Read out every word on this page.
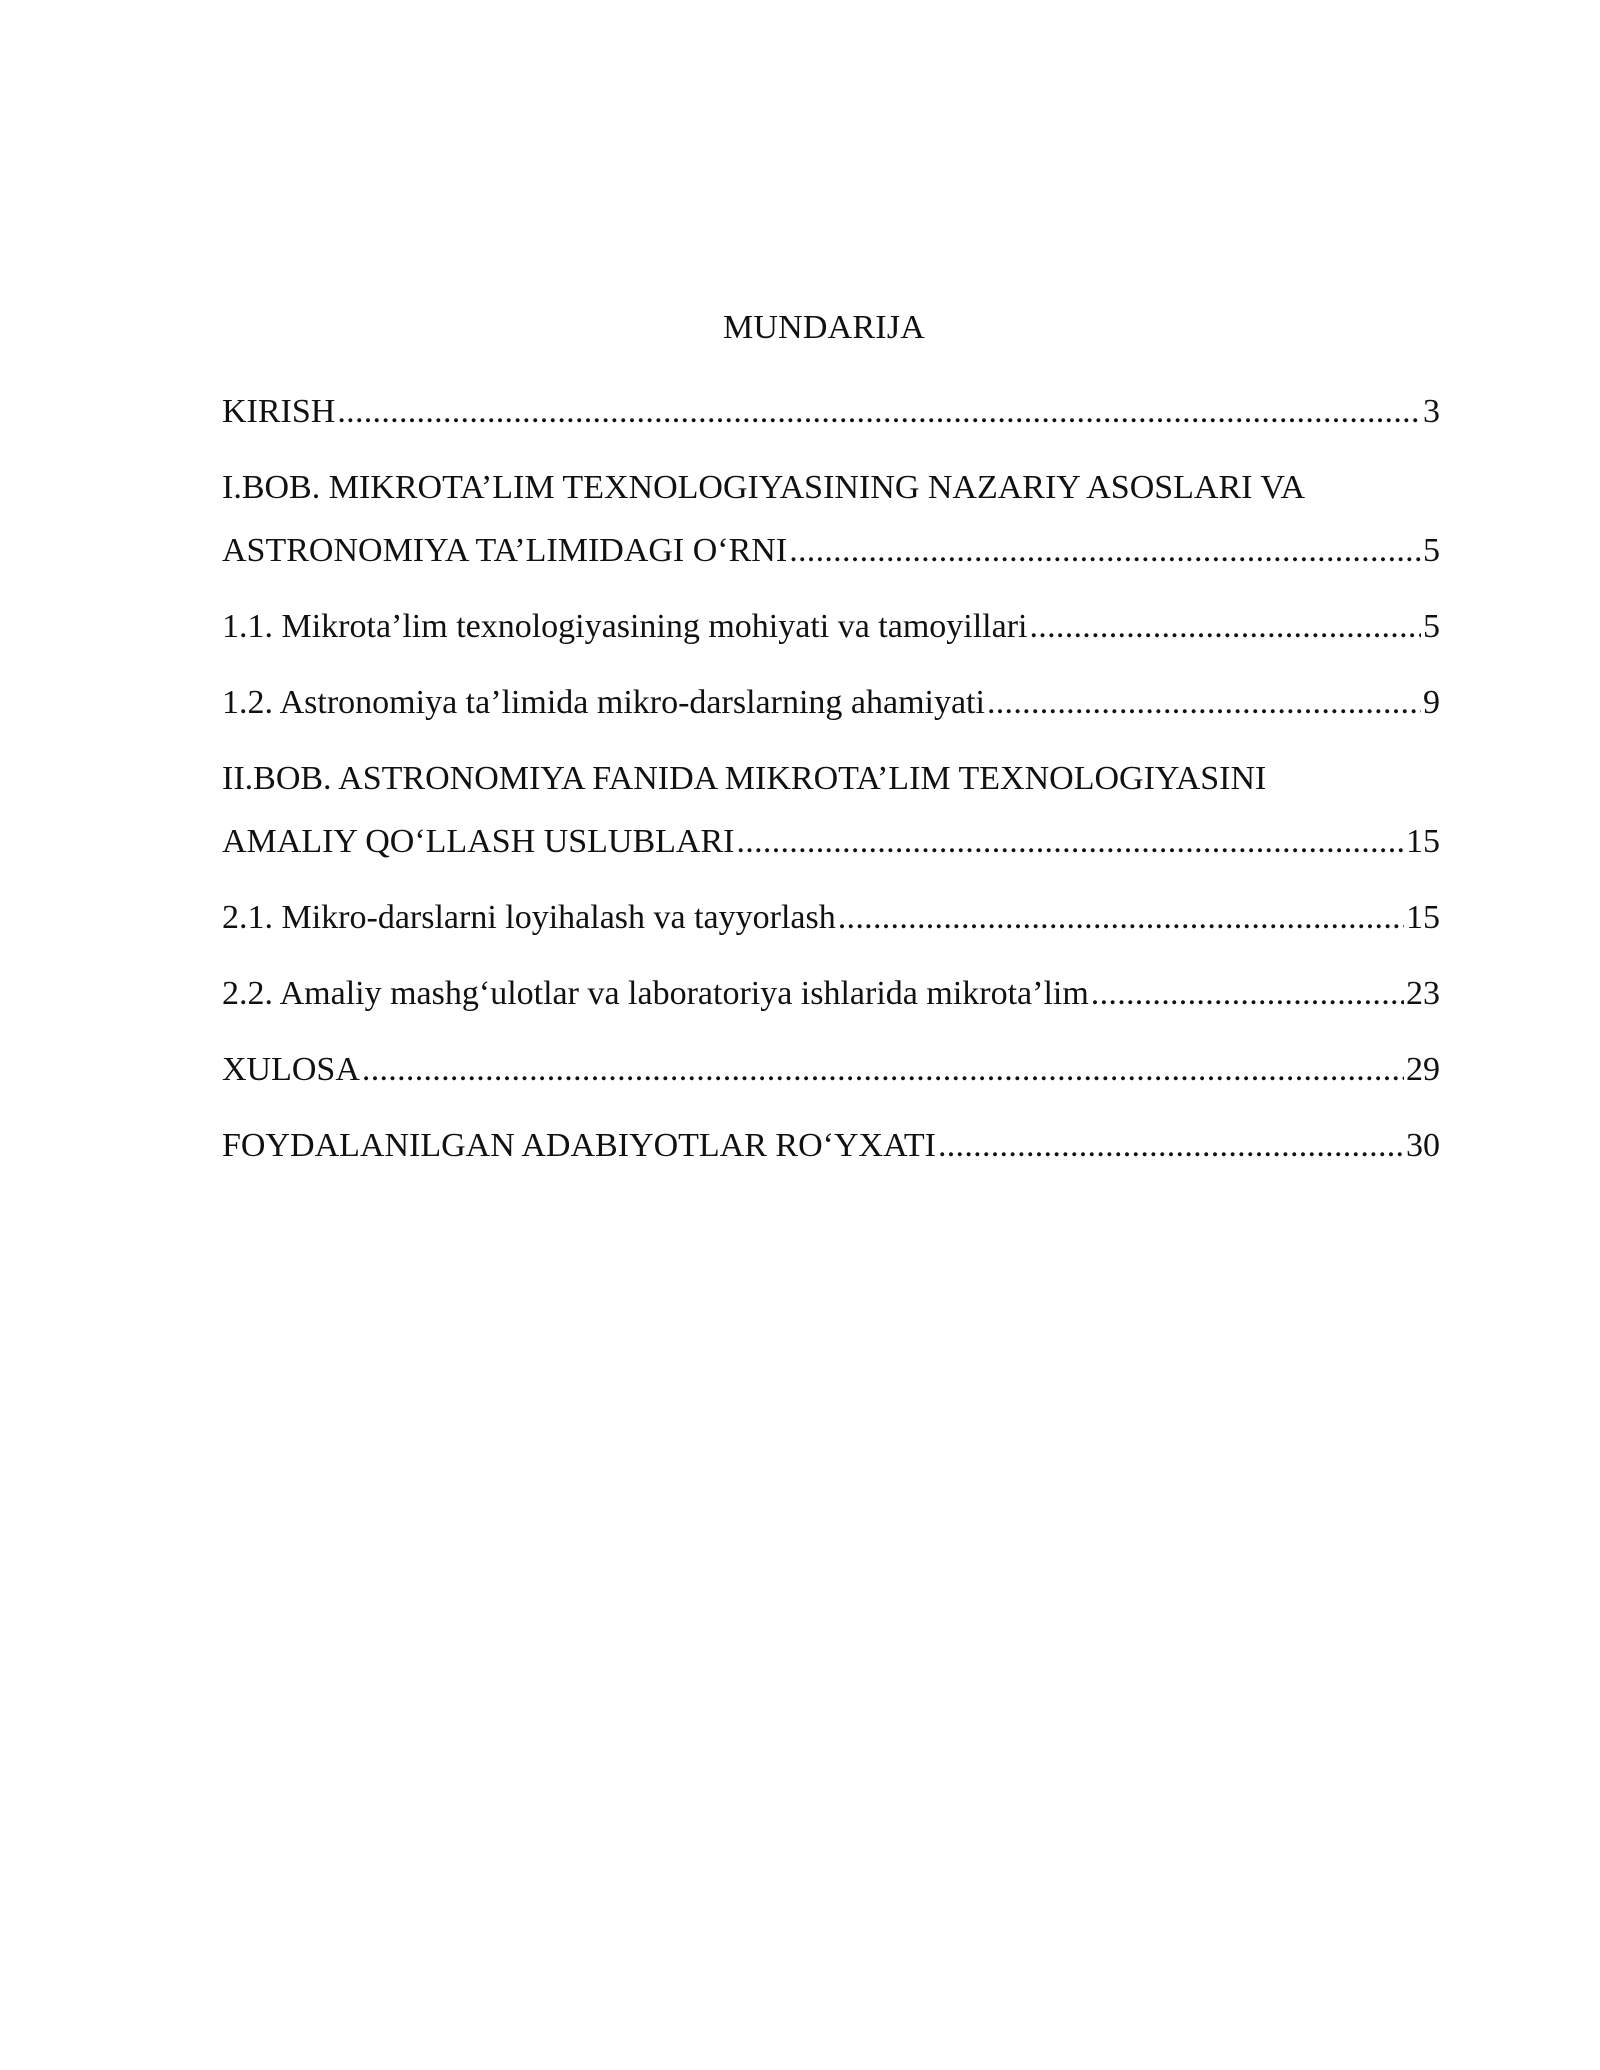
MUNDARIJA
KIRISH .....	3
I.BOB. MIKROTA’LIM TEXNOLOGIYASINING NAZARIY ASOSLARI VA
ASTRONOMIYA TA’LIMIDAGI O‘RNI .....	5
1.1. Mikrota’lim texnologiyasining mohiyati va tamoyillari .....	5
1.2. Astronomiya ta’limida mikro-darslarning ahamiyati .....	9
II.BOB. ASTRONOMIYA FANIDA MIKROTA’LIM TEXNOLOGIYASINI
AMALIY QO‘LLASH USLUBLARI .....	15
2.1. Mikro-darslarni loyihalash va tayyorlash .....	15
2.2. Amaliy mashg‘ulotlar va laboratoriya ishlarida mikrota’lim .....	23
XULOSA .....	29
FOYDALANILGAN ADABIYOTLAR RO‘YXATI .....	30
